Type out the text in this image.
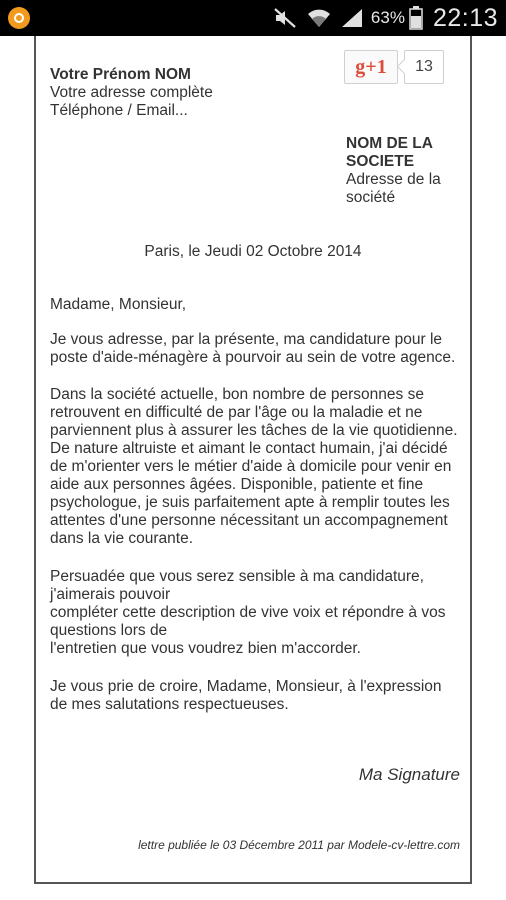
63% 22:13

Votre Prénom NOM
Votre adresse complète
Téléphone / Email...

g+1	13

NOM DE LA
SOCIETE
Adresse de la
société

Paris, le Jeudi 02 Octobre 2014

Madame, Monsieur,

Je vous adresse, par la présente, ma candidature pour le
poste d'aide-ménagère à pourvoir au sein de votre agence.

Dans la société actuelle, bon nombre de personnes se
retrouvent en difficulté de par l'âge ou la maladie et ne
parviennent plus à assurer les tâches de la vie quotidienne.
De nature altruiste et aimant le contact humain, j'ai décidé
de m'orienter vers le métier d'aide à domicile pour venir en
aide aux personnes âgées. Disponible, patiente et fine
psychologue, je suis parfaitement apte à remplir toutes les
attentes d'une personne nécessitant un accompagnement
dans la vie courante.

Persuadée que vous serez sensible à ma candidature,
j'aimerais pouvoir
compléter cette description de vive voix et répondre à vos
questions lors de
l'entretien que vous voudrez bien m'accorder.

Je vous prie de croire, Madame, Monsieur, à l'expression
de mes salutations respectueuses.

Ma Signature

lettre publiée le 03 Décembre 2011 par Modele-cv-lettre.com
